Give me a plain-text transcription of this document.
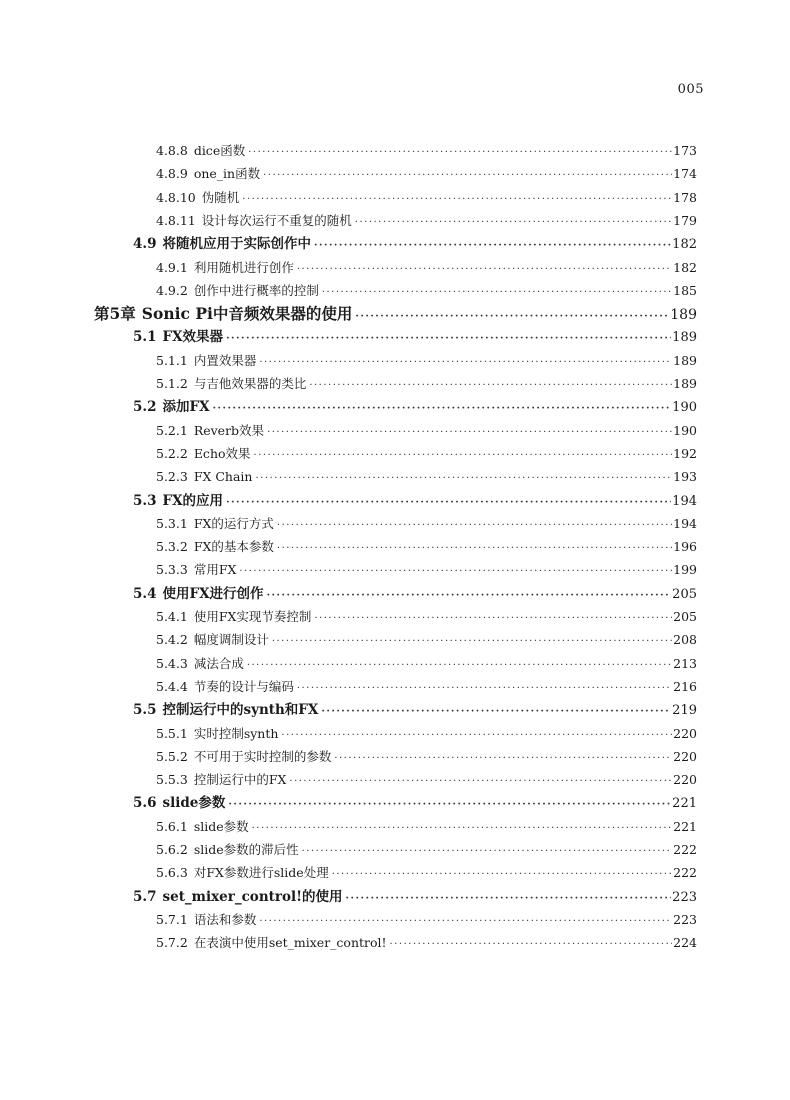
005
4.8.8 dice函数 ·····	173
4.8.9 one_in函数 ·····	174
4.8.10 伪随机 ·····	178
4.8.11 设计每次运行不重复的随机 ·····	179
4.9 将随机应用于实际创作中 ·····	182
4.9.1 利用随机进行创作 ·····	182
4.9.2 创作中进行概率的控制 ·····	185
第5章 Sonic Pi中音频效果器的使用 ·····	189
5.1 FX效果器 ·····	189
5.1.1 内置效果器 ·····	189
5.1.2 与吉他效果器的类比 ·····	189
5.2 添加FX ·····	190
5.2.1 Reverb效果 ·····	190
5.2.2 Echo效果 ·····	192
5.2.3 FX Chain ·····	193
5.3 FX的应用 ·····	194
5.3.1 FX的运行方式 ·····	194
5.3.2 FX的基本参数 ·····	196
5.3.3 常用FX ·····	199
5.4 使用FX进行创作 ·····	205
5.4.1 使用FX实现节奏控制 ·····	205
5.4.2 幅度调制设计 ·····	208
5.4.3 减法合成 ·····	213
5.4.4 节奏的设计与编码 ·····	216
5.5 控制运行中的synth和FX ·····	219
5.5.1 实时控制synth ·····	220
5.5.2 不可用于实时控制的参数 ·····	220
5.5.3 控制运行中的FX ·····	220
5.6 slide参数 ·····	221
5.6.1 slide参数 ·····	221
5.6.2 slide参数的滞后性 ·····	222
5.6.3 对FX参数进行slide处理 ·····	222
5.7 set_mixer_control!的使用 ·····	223
5.7.1 语法和参数 ·····	223
5.7.2 在表演中使用set_mixer_control! ·····	224
